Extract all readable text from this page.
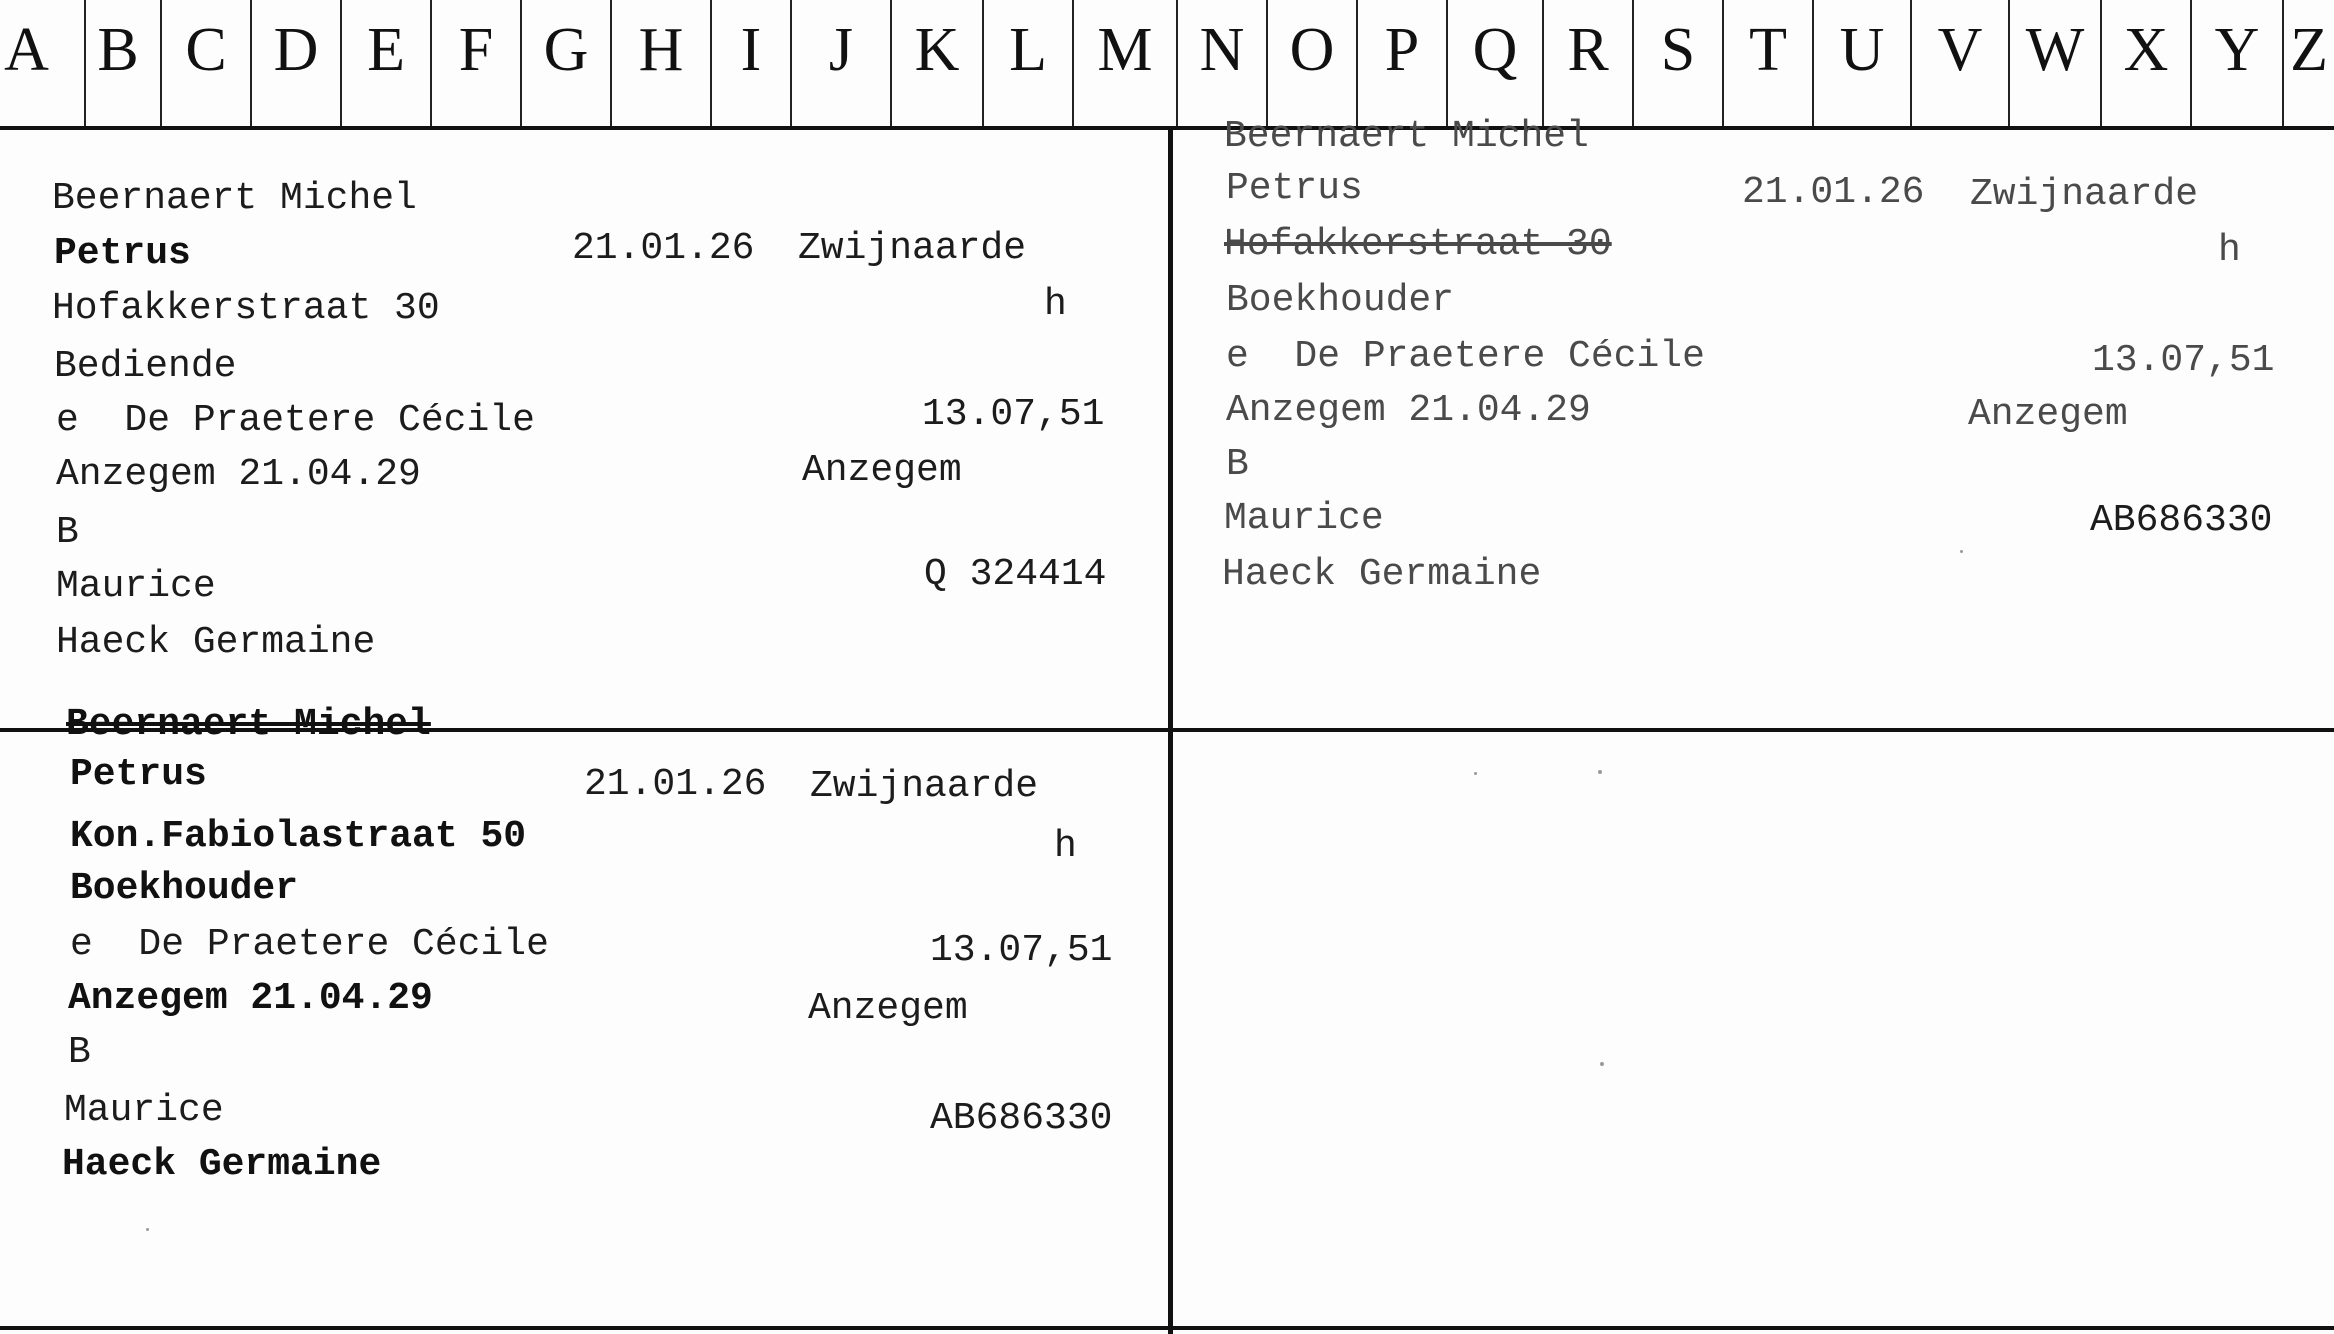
A B C D E F G H I	J K L M N O P Q R S T U V W X Y Z
Beernaert Michel
Petrus	21.01.26 Zwijnaarde
Hofakkerstraat 30	h
Bediende
e  De Praetere Cécile	13.07,51
Anzegem 21.04.29	Anzegem
B
Maurice	Q 324414
Haeck Germaine
Beernaert Michel
Petrus	21.01.26 Zwijnaarde
Hofakkerstraat 30	h
Boekhouder
e  De Praetere Cécile	13.07,51
Anzegem 21.04.29	Anzegem
B
Maurice	AB686330
Haeck Germaine
Beernaert Michel
Petrus	21.01.26 Zwijnaarde
Kon.Fabiolastraat 50	h
Boekhouder
e  De Praetere Cécile	13.07,51
Anzegem 21.04.29	Anzegem
B
Maurice	AB686330
Haeck Germaine
